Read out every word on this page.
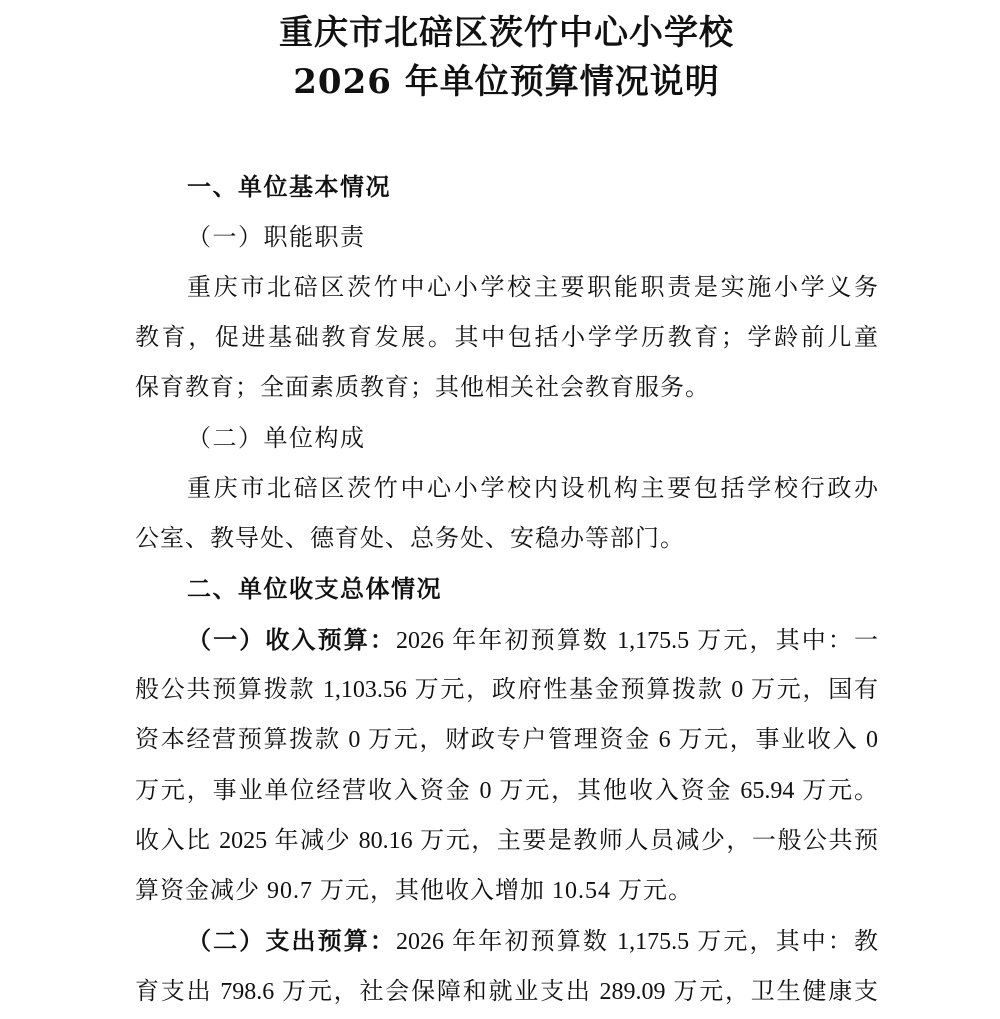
重庆市北碚区茨竹中心小学校
2026 年单位预算情况说明
一、单位基本情况
（一）职能职责
重庆市北碚区茨竹中心小学校主要职能职责是实施小学义务
教育，促进基础教育发展。其中包括小学学历教育；学龄前儿童
保育教育；全面素质教育；其他相关社会教育服务。
（二）单位构成
重庆市北碚区茨竹中心小学校内设机构主要包括学校行政办
公室、教导处、德育处、总务处、安稳办等部门。
二、单位收支总体情况
（一）收入预算：2026 年年初预算数 1,175.5 万元，其中：一
般公共预算拨款 1,103.56 万元，政府性基金预算拨款 0 万元，国有
资本经营预算拨款 0 万元，财政专户管理资金 6 万元，事业收入 0
万元，事业单位经营收入资金 0 万元，其他收入资金 65.94 万元。
收入比 2025 年减少 80.16 万元，主要是教师人员减少，一般公共预
算资金减少 90.7 万元，其他收入增加 10.54 万元。
（二）支出预算：2026 年年初预算数 1,175.5 万元，其中：教
育支出 798.6 万元，社会保障和就业支出 289.09 万元，卫生健康支
